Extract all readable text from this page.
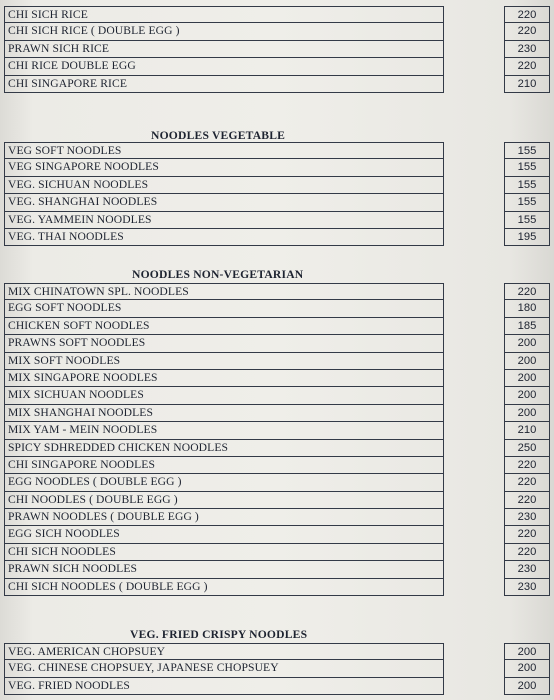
CHI SICH RICE	220
CHI SICH RICE ( DOUBLE EGG )	220
PRAWN SICH RICE	230
CHI RICE DOUBLE EGG	220
CHI SINGAPORE RICE	210
NOODLES VEGETABLE
VEG SOFT NOODLES	155
VEG SINGAPORE NOODLES	155
VEG. SICHUAN NOODLES	155
VEG. SHANGHAI NOODLES	155
VEG. YAMMEIN NOODLES	155
VEG. THAI NOODLES	195
NOODLES NON-VEGETARIAN
MIX CHINATOWN SPL. NOODLES	220
EGG SOFT NOODLES	180
CHICKEN SOFT NOODLES	185
PRAWNS SOFT NOODLES	200
MIX SOFT NOODLES	200
MIX SINGAPORE NOODLES	200
MIX SICHUAN NOODLES	200
MIX SHANGHAI NOODLES	200
MIX YAM - MEIN NOODLES	210
SPICY SDHREDDED CHICKEN NOODLES	250
CHI SINGAPORE NOODLES	220
EGG NOODLES ( DOUBLE EGG )	220
CHI NOODLES ( DOUBLE EGG )	220
PRAWN NOODLES ( DOUBLE EGG )	230
EGG SICH NOODLES	220
CHI SICH NOODLES	220
PRAWN SICH NOODLES	230
CHI SICH NOODLES ( DOUBLE EGG )	230
VEG. FRIED CRISPY NOODLES
VEG. AMERICAN CHOPSUEY	200
VEG. CHINESE CHOPSUEY, JAPANESE CHOPSUEY	200
VEG. FRIED NOODLES	200
